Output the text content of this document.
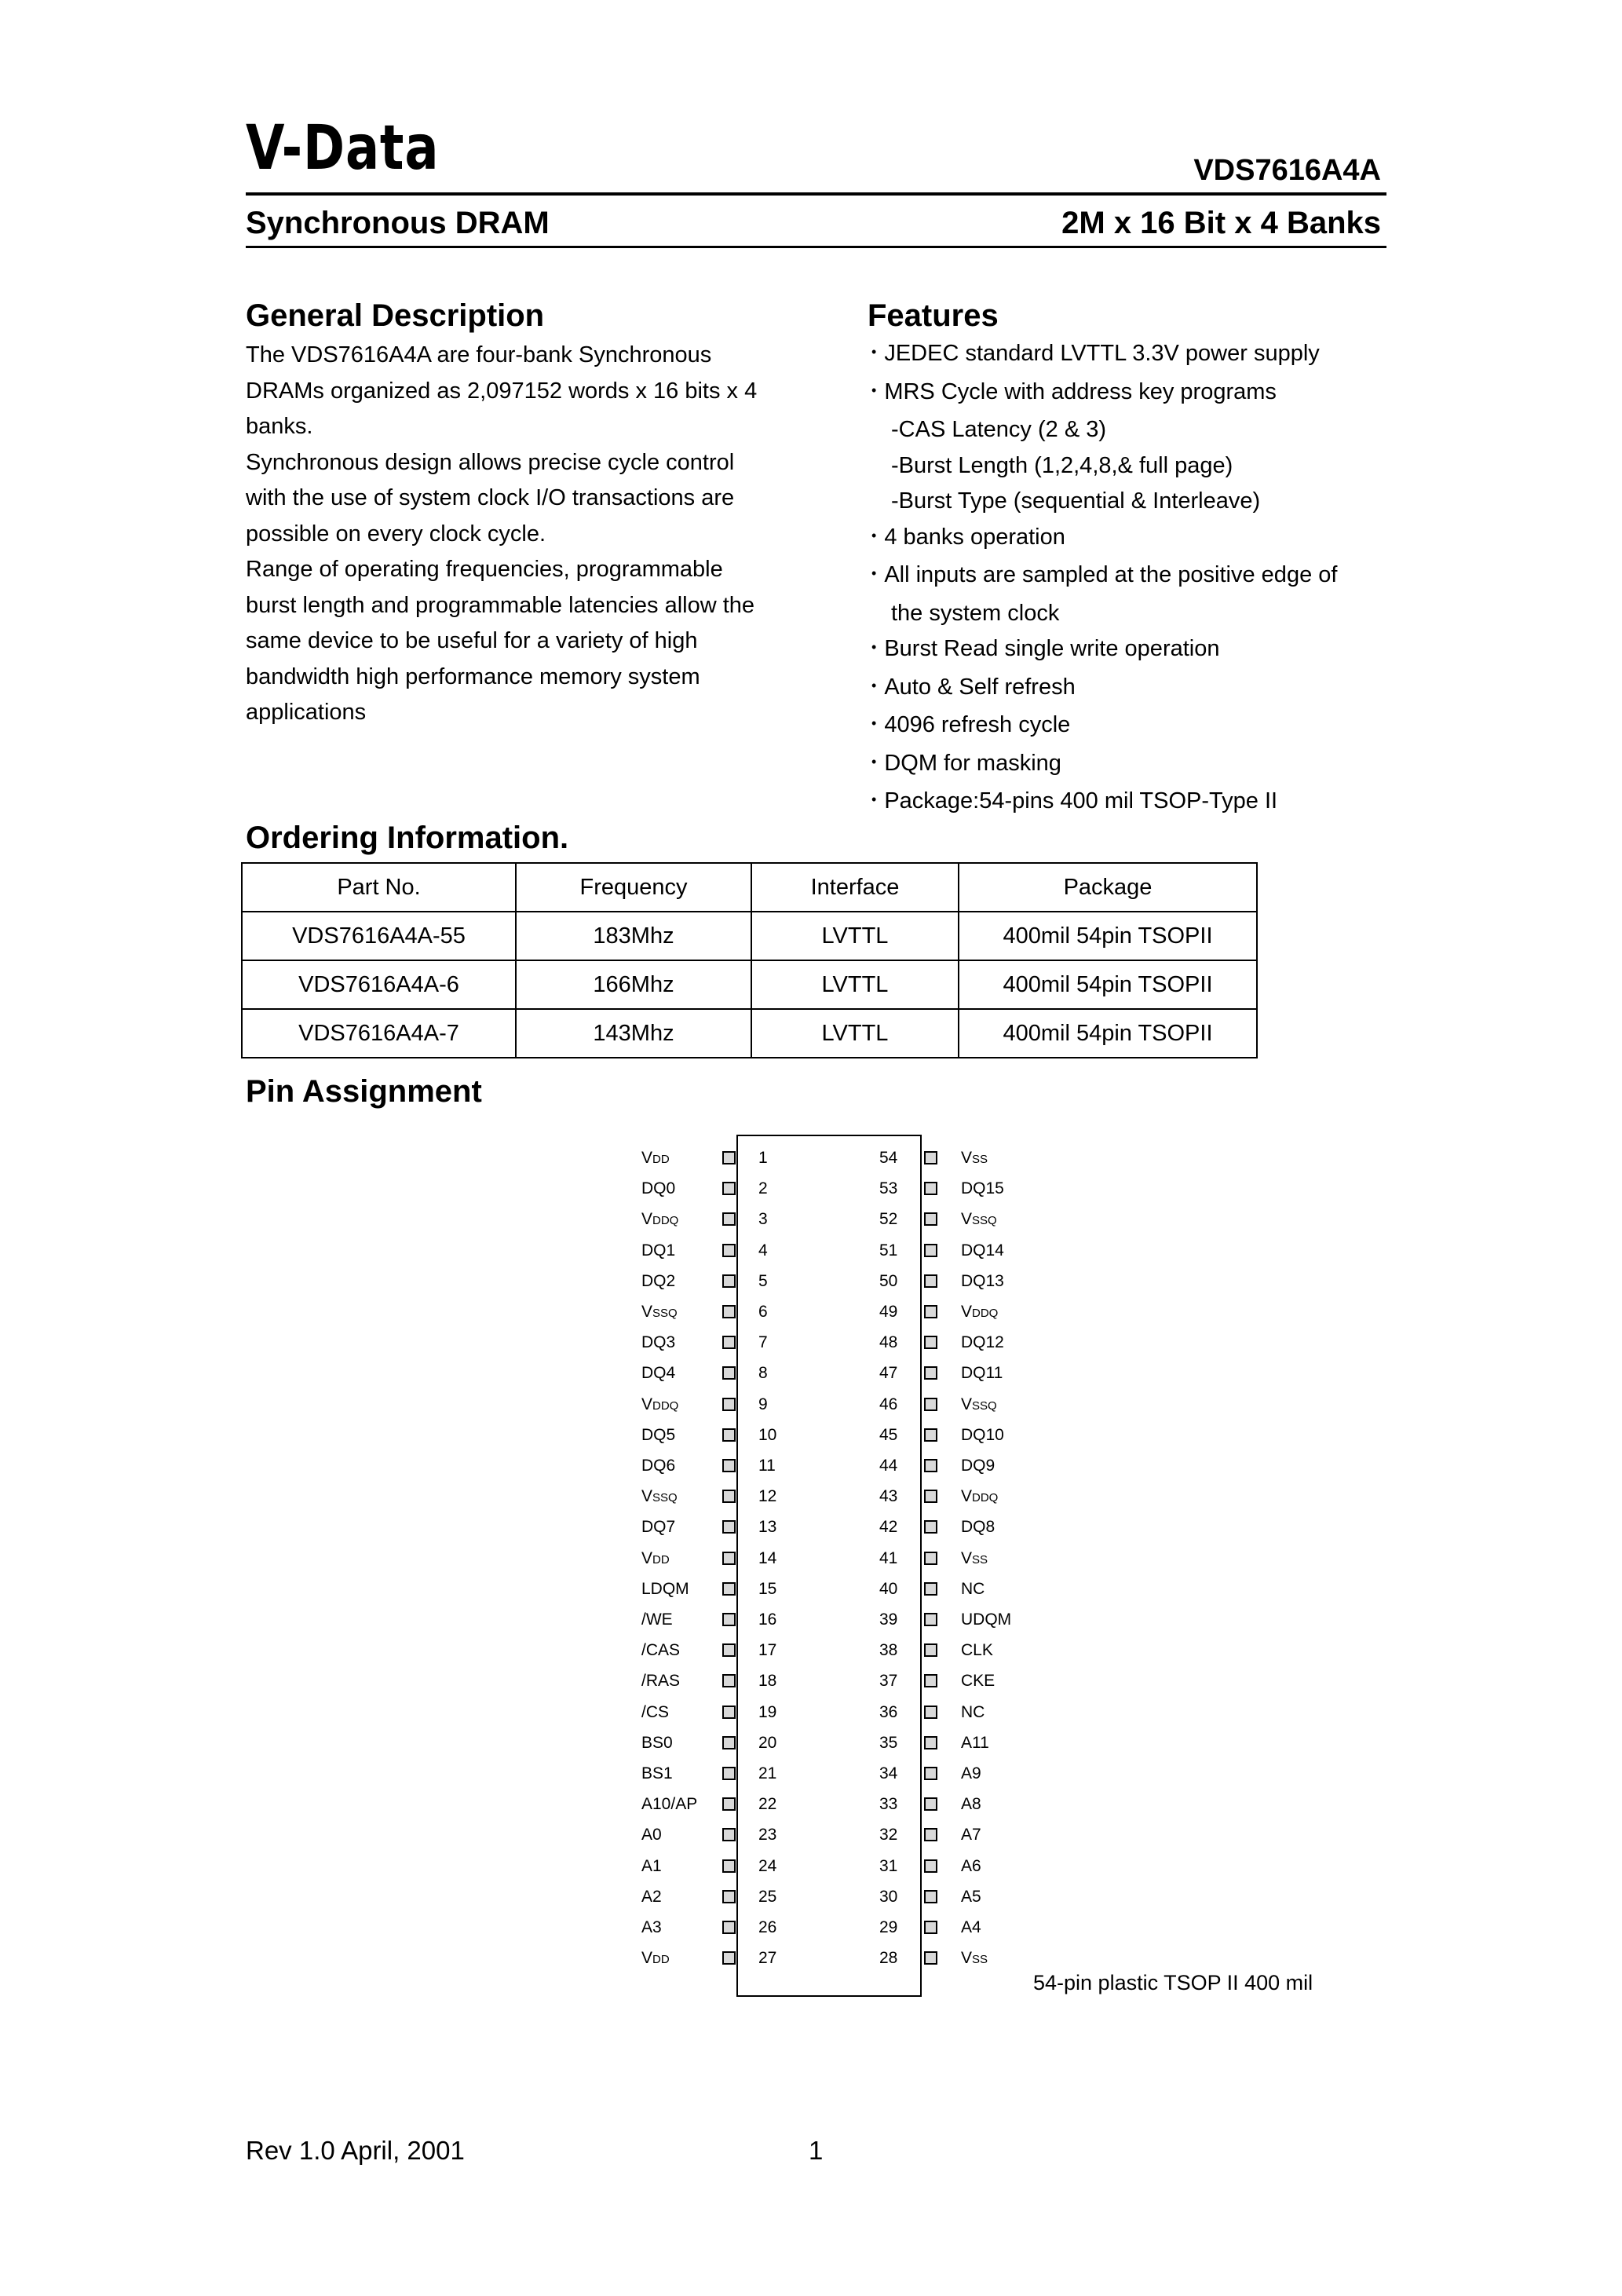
V-Data	VDS7616A4A
Synchronous DRAM	2M x 16 Bit x 4 Banks
General Description
The VDS7616A4A are four-bank Synchronous
DRAMs organized as 2,097152 words x 16 bits x 4
banks.
Synchronous design allows precise cycle control
with the use of system clock I/O transactions are
possible on every clock cycle.
Range of operating frequencies, programmable
burst length and programmable latencies allow the
same device to be useful for a variety of high
bandwidth high performance memory system
applications
Features
• JEDEC standard LVTTL 3.3V power supply
• MRS Cycle with address key programs
-CAS Latency (2 & 3)
-Burst Length (1,2,4,8,& full page)
-Burst Type (sequential & Interleave)
• 4 banks operation
• All inputs are sampled at the positive edge of
the system clock
• Burst Read single write operation
• Auto & Self refresh
• 4096 refresh cycle
• DQM for masking
• Package:54-pins 400 mil TSOP-Type II
Ordering Information.
Part No.	Frequency	Interface	Package
VDS7616A4A-55	183Mhz	LVTTL	400mil 54pin TSOPII
VDS7616A4A-6	166Mhz	LVTTL	400mil 54pin TSOPII
VDS7616A4A-7	143Mhz	LVTTL	400mil 54pin TSOPII
Pin Assignment
VDD	1	54	VSS
DQ0	2	53	DQ15
VDDQ	3	52	VSSQ
DQ1	4	51	DQ14
DQ2	5	50	DQ13
VSSQ	6	49	VDDQ
DQ3	7	48	DQ12
DQ4	8	47	DQ11
VDDQ	9	46	VSSQ
DQ5	10	45	DQ10
DQ6	11	44	DQ9
VSSQ	12	43	VDDQ
DQ7	13	42	DQ8
VDD	14	41	VSS
LDQM	15	40	NC
/WE	16	39	UDQM
/CAS	17	38	CLK
/RAS	18	37	CKE
/CS	19	36	NC
BS0	20	35	A11
BS1	21	34	A9
A10/AP	22	33	A8
A0	23	32	A7
A1	24	31	A6
A2	25	30	A5
A3	26	29	A4
VDD	27	28	VSS
54-pin plastic TSOP II 400 mil
Rev 1.0 April, 2001	1
